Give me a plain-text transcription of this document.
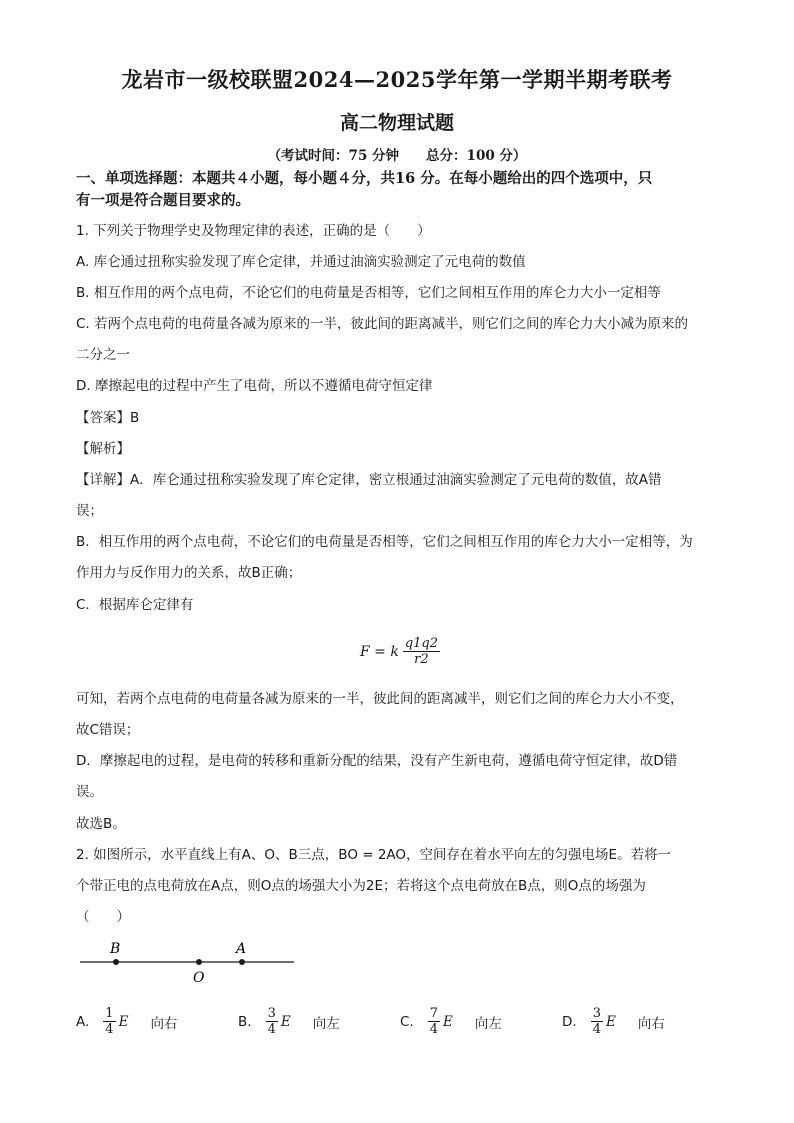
龙岩市一级校联盟2024—2025学年第一学期半期考联考
高二物理试题
（考试时间：75 分钟　　总分：100 分）
一、单项选择题：本题共４小题，每小题４分，共16 分。在每小题给出的四个选项中，只
有一项是符合题目要求的。
1. 下列关于物理学史及物理定律的表述，正确的是（　　）
A. 库仑通过扭称实验发现了库仑定律，并通过油滴实验测定了元电荷的数值
B. 相互作用的两个点电荷，不论它们的电荷量是否相等，它们之间相互作用的库仑力大小一定相等
C. 若两个点电荷的电荷量各减为原来的一半，彼此间的距离减半，则它们之间的库仑力大小减为原来的
二分之一
D. 摩擦起电的过程中产生了电荷，所以不遵循电荷守恒定律
【答案】B
【解析】
【详解】A．库仑通过扭称实验发现了库仑定律，密立根通过油滴实验测定了元电荷的数值，故A错
误；
B．相互作用的两个点电荷，不论它们的电荷量是否相等，它们之间相互作用的库仑力大小一定相等，为
作用力与反作用力的关系，故B正确；
C．根据库仑定律有
F = k $\frac{q1q2}{r2}$
可知，若两个点电荷的电荷量各减为原来的一半，彼此间的距离减半，则它们之间的库仑力大小不变，
故C错误；
D．摩擦起电的过程，是电荷的转移和重新分配的结果，没有产生新电荷，遵循电荷守恒定律，故D错
误。
故选B。
2. 如图所示，水平直线上有A、O、B三点，BO = 2AO，空间存在着水平向左的匀强电场E。若将一
个带正电的点电荷放在A点，则O点的场强大小为2E；若将这个点电荷放在B点，则O点的场强为
（　　）
B
O
A
A. $\frac{1}{4}$ E 向右	B. $\frac{3}{4}$ E 向左	C. $\frac{7}{4}$ E 向左	D. $\frac{3}{4}$ E 向右
